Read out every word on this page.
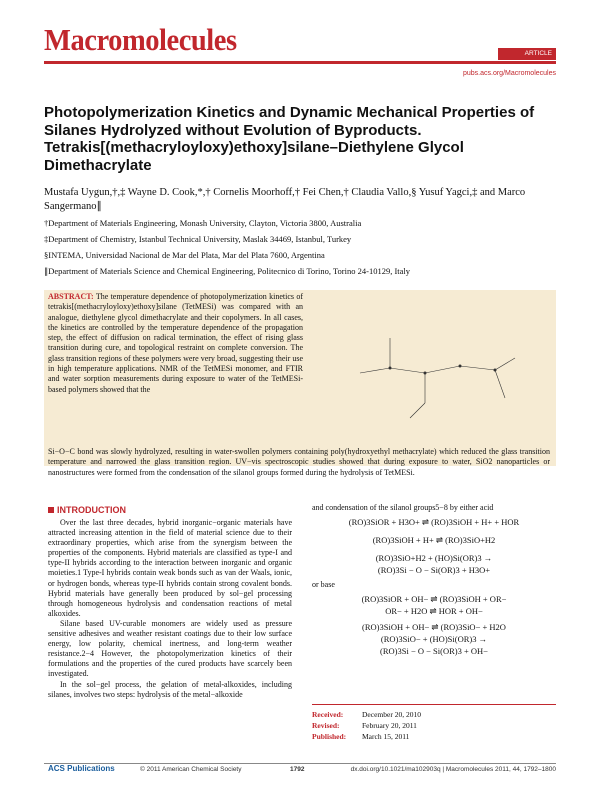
Macromolecules	ARTICLE
pubs.acs.org/Macromolecules
Photopolymerization Kinetics and Dynamic Mechanical Properties of Silanes Hydrolyzed without Evolution of Byproducts. Tetrakis[(methacryloyloxy)ethoxy]silane–Diethylene Glycol Dimethacrylate
Mustafa Uygun,†,‡ Wayne D. Cook,*,† Cornelis Moorhoff,† Fei Chen,† Claudia Vallo,§ Yusuf Yagci,‡ and Marco Sangermano∥
†Department of Materials Engineering, Monash University, Clayton, Victoria 3800, Australia
‡Department of Chemistry, Istanbul Technical University, Maslak 34469, Istanbul, Turkey
§INTEMA, Universidad Nacional de Mar del Plata, Mar del Plata 7600, Argentina
∥Department of Materials Science and Chemical Engineering, Politecnico di Torino, Torino 24-10129, Italy
ABSTRACT: The temperature dependence of photopolymerization kinetics of tetrakis[(methacryloyloxy)ethoxy]silane (TetMESi) was compared with an analogue, diethylene glycol dimethacrylate and their copolymers. In all cases, the kinetics are controlled by the temperature dependence of the propagation step, the effect of diffusion on radical termination, the effect of rising glass transition during cure, and topological restraint on complete conversion. The glass transition regions of these polymers were very broad, suggesting their use in high temperature applications. NMR of the TetMESi monomer, and FTIR and water sorption measurements during exposure to water of the TetMESi-based polymers showed that the
Si−O−C bond was slowly hydrolyzed, resulting in water-swollen polymers containing poly(hydroxyethyl methacrylate) which reduced the glass transition temperature and narrowed the glass transition region. UV−vis spectroscopic studies showed that during exposure to water, SiO2 nanoparticles or nanostructures were formed from the condensation of the silanol groups formed during the hydrolysis of TetMESi.
INTRODUCTION

Over the last three decades, hybrid inorganic−organic materials have attracted increasing attention in the field of material science due to their extraordinary properties, which arise from the synergism between the properties of the components. Hybrid materials are classified as type-I and type-II hybrids according to the interaction between inorganic and organic moieties.1 Type-I hybrids contain weak bonds such as van der Waals, ionic, or hydrogen bonds, whereas type-II hybrids contain strong covalent bonds. Hybrid materials have generally been produced by sol−gel processing through homogeneous hydrolysis and condensation reactions of metal alkoxides.

Silane based UV-curable monomers are widely used as pressure sensitive adhesives and weather resistant coatings due to their low surface energy, low polarity, chemical inertness, and long-term weather resistance.2−4 However, the photopolymerization kinetics of their formulations and the properties of the cured products have scarcely been investigated.

In the sol−gel process, the gelation of metal-alkoxides, including silanes, involves two steps: hydrolysis of the metal−alkoxide

and condensation of the silanol groups5−8 by either acid
(RO)3SiOR + H3O+ ⇌ (RO)3SiOH + H+ + HOR
(RO)3SiOH + H+ ⇌ (RO)3SiO+H2
(RO)3SiO+H2 + (HO)Si(OR)3 →
(RO)3Si − O − Si(OR)3 + H3O+
or base
(RO)3SiOR + OH− ⇌ (RO)3SiOH + OR−
OR− + H2O ⇌ HOR + OH−
(RO)3SiOH + OH− ⇌ (RO)3SiO− + H2O
(RO)3SiO− + (HO)Si(OR)3 →
(RO)3Si − O − Si(OR)3 + OH−
Received:	December 20, 2010
Revised:	February 20, 2011
Published: March 15, 2011
ACS Publications	© 2011 American Chemical Society	1792	dx.doi.org/10.1021/ma102903q | Macromolecules 2011, 44, 1792–1800
